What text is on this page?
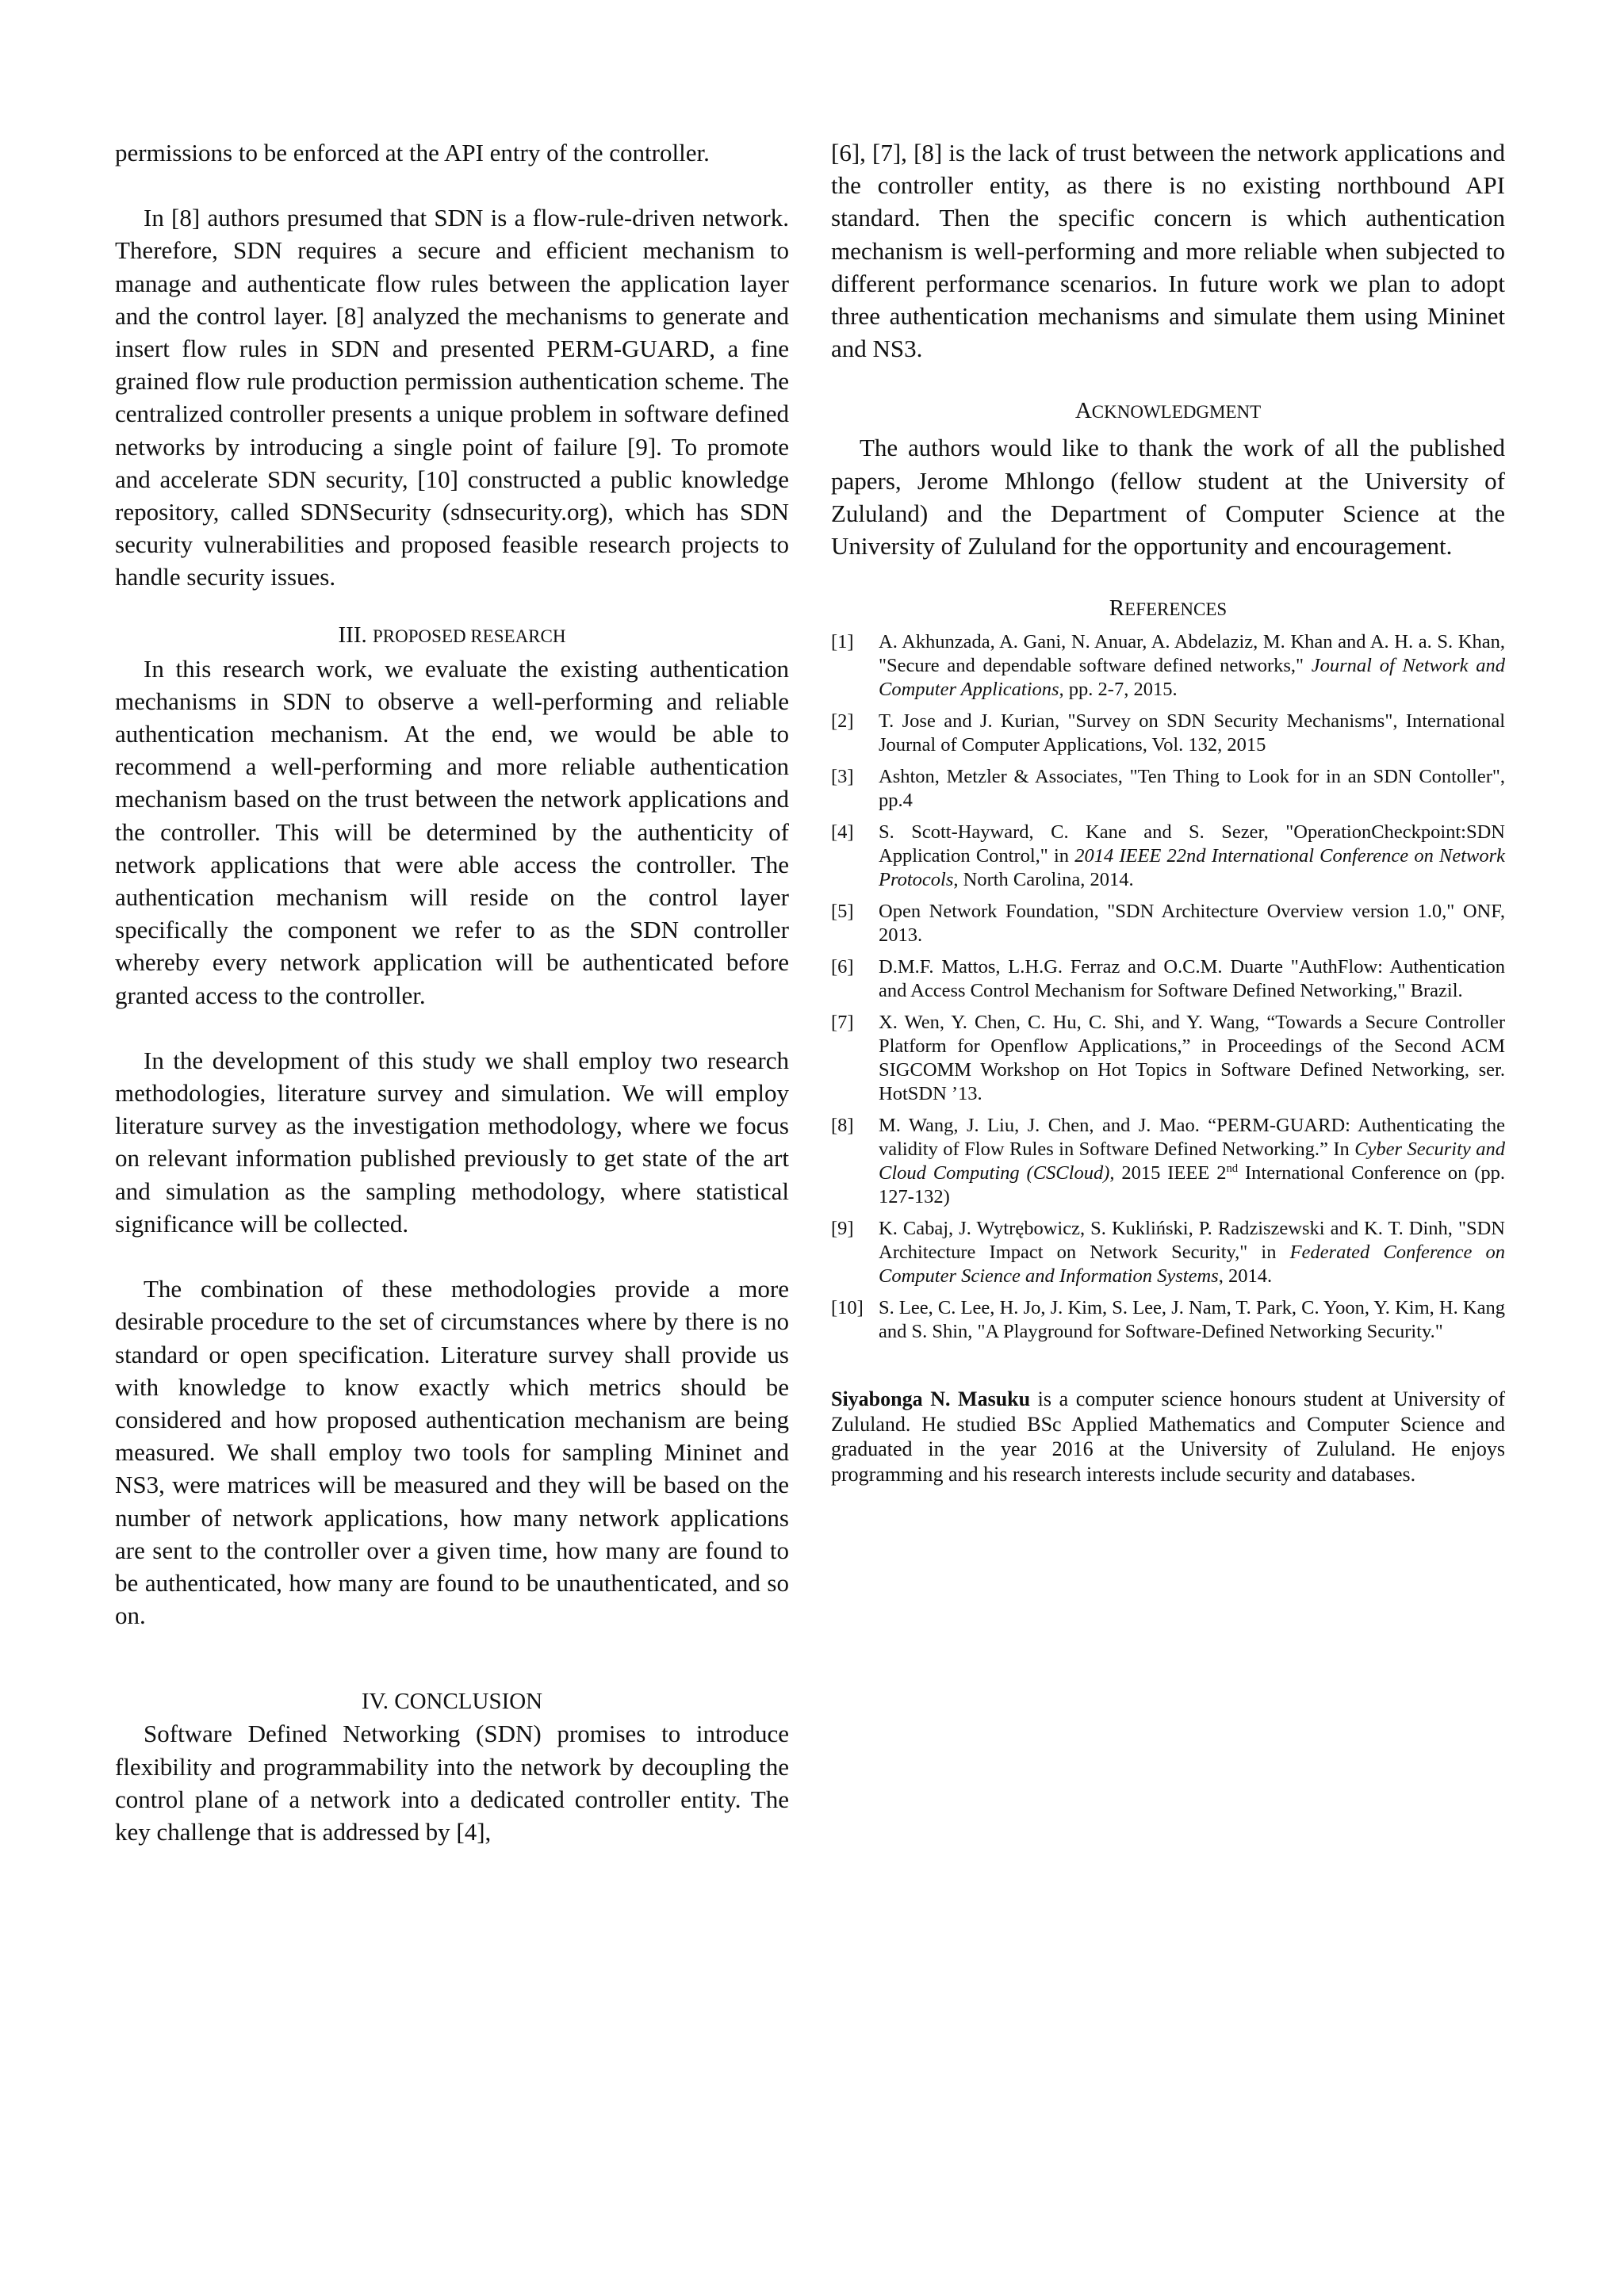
permissions to be enforced at the API entry of the controller.

In [8] authors presumed that SDN is a flow-rule-driven network. Therefore, SDN requires a secure and efficient mechanism to manage and authenticate flow rules between the application layer and the control layer. [8] analyzed the mechanisms to generate and insert flow rules in SDN and presented PERM-GUARD, a fine grained flow rule production permission authentication scheme. The centralized controller presents a unique problem in software defined networks by introducing a single point of failure [9]. To promote and accelerate SDN security, [10] constructed a public knowledge repository, called SDNSecurity (sdnsecurity.org), which has SDN security vulnerabilities and proposed feasible research projects to handle security issues.

III. PROPOSED RESEARCH

In this research work, we evaluate the existing authentication mechanisms in SDN to observe a well-performing and reliable authentication mechanism. At the end, we would be able to recommend a well-performing and more reliable authentication mechanism based on the trust between the network applications and the controller. This will be determined by the authenticity of network applications that were able access the controller. The authentication mechanism will reside on the control layer specifically the component we refer to as the SDN controller whereby every network application will be authenticated before granted access to the controller.

In the development of this study we shall employ two research methodologies, literature survey and simulation. We will employ literature survey as the investigation methodology, where we focus on relevant information published previously to get state of the art and simulation as the sampling methodology, where statistical significance will be collected.

The combination of these methodologies provide a more desirable procedure to the set of circumstances where by there is no standard or open specification. Literature survey shall provide us with knowledge to know exactly which metrics should be considered and how proposed authentication mechanism are being measured. We shall employ two tools for sampling Mininet and NS3, were matrices will be measured and they will be based on the number of network applications, how many network applications are sent to the controller over a given time, how many are found to be authenticated, how many are found to be unauthenticated, and so on.

IV. CONCLUSION

Software Defined Networking (SDN) promises to introduce flexibility and programmability into the network by decoupling the control plane of a network into a dedicated controller entity. The key challenge that is addressed by [4],

[6], [7], [8] is the lack of trust between the network applications and the controller entity, as there is no existing northbound API standard. Then the specific concern is which authentication mechanism is well-performing and more reliable when subjected to different performance scenarios. In future work we plan to adopt three authentication mechanisms and simulate them using Mininet and NS3.

ACKNOWLEDGMENT

The authors would like to thank the work of all the published papers, Jerome Mhlongo (fellow student at the University of Zululand) and the Department of Computer Science at the University of Zululand for the opportunity and encouragement.

REFERENCES

[1]	A. Akhunzada, A. Gani, N. Anuar, A. Abdelaziz, M. Khan and A. H. a. S. Khan, "Secure and dependable software defined networks," Journal of Network and Computer Applications, pp. 2-7, 2015.
[2]	T. Jose and J. Kurian, "Survey on SDN Security Mechanisms", International Journal of Computer Applications, Vol. 132, 2015
[3]	Ashton, Metzler & Associates, "Ten Thing to Look for in an SDN Contoller", pp.4
[4]	S. Scott-Hayward, C. Kane and S. Sezer, "OperationCheckpoint:SDN Application Control," in 2014 IEEE 22nd International Conference on Network Protocols, North Carolina, 2014.
[5]	Open Network Foundation, "SDN Architecture Overview version 1.0," ONF, 2013.
[6]	D.M.F. Mattos, L.H.G. Ferraz and O.C.M. Duarte "AuthFlow: Authentication and Access Control Mechanism for Software Defined Networking," Brazil.
[7]	X. Wen, Y. Chen, C. Hu, C. Shi, and Y. Wang, “Towards a Secure Controller Platform for Openflow Applications,” in Proceedings of the Second ACM SIGCOMM Workshop on Hot Topics in Software Defined Networking, ser. HotSDN ’13.
[8]	M. Wang, J. Liu, J. Chen, and J. Mao. “PERM-GUARD: Authenticating the validity of Flow Rules in Software Defined Networking.” In Cyber Security and Cloud Computing (CSCloud), 2015 IEEE 2nd International Conference on (pp. 127-132)
[9]	K. Cabaj, J. Wytrębowicz, S. Kukliński, P. Radziszewski and K. T. Dinh, "SDN Architecture Impact on Network Security," in Federated Conference on Computer Science and Information Systems, 2014.
[10] S. Lee, C. Lee, H. Jo, J. Kim, S. Lee, J. Nam, T. Park, C. Yoon, Y. Kim, H. Kang and S. Shin, "A Playground for Software-Defined Networking Security."

Siyabonga N. Masuku is a computer science honours student at University of Zululand. He studied BSc Applied Mathematics and Computer Science and graduated in the year 2016 at the University of Zululand. He enjoys programming and his research interests include security and databases.
